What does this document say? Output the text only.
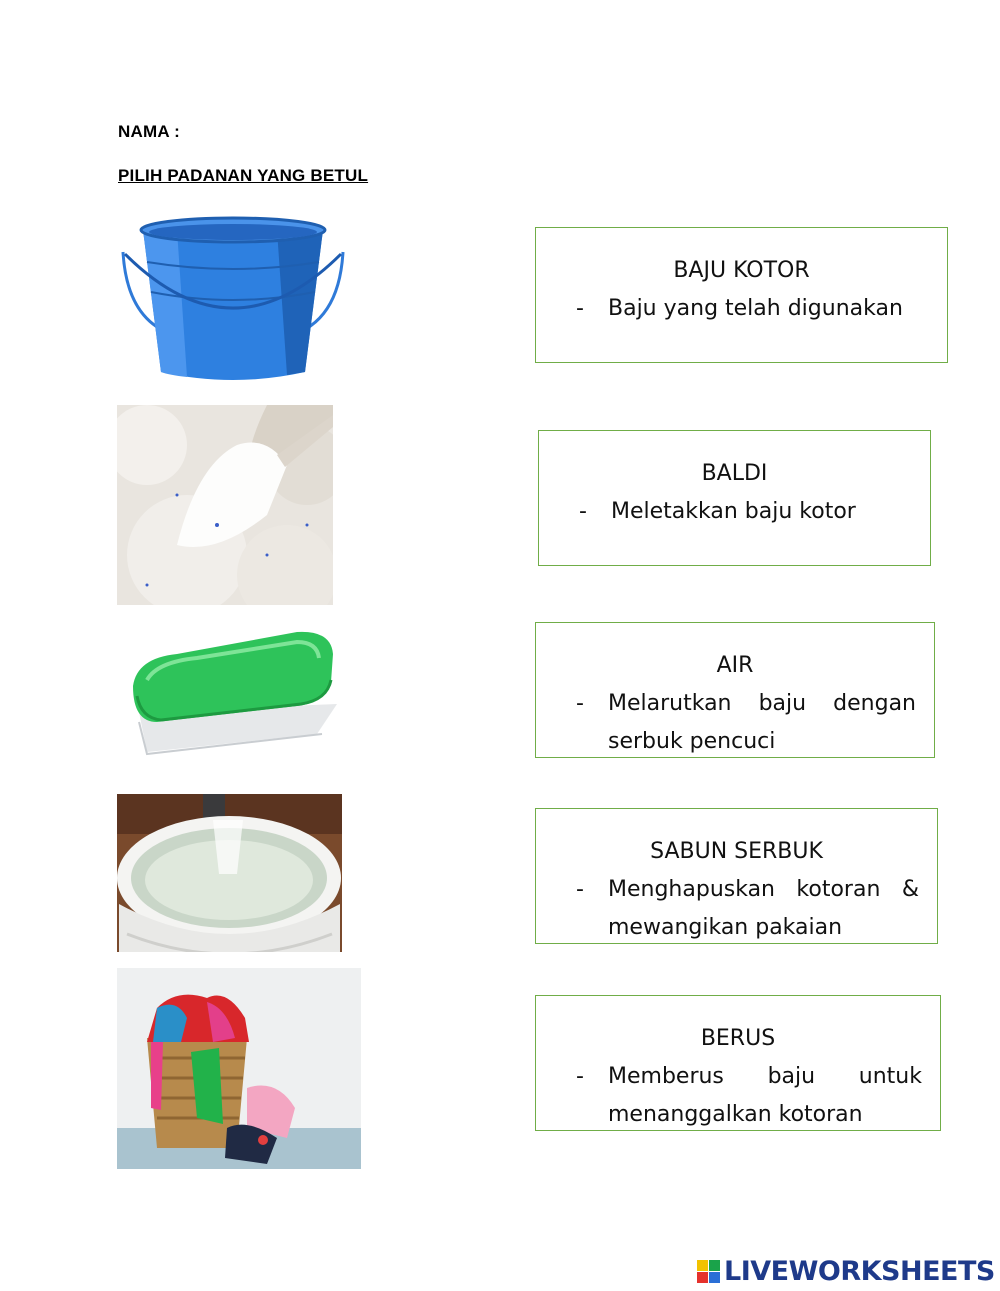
NAMA :
PILIH PADANAN YANG BETUL
BAJU KOTOR
- Baju yang telah digunakan
BALDI
- Meletakkan baju kotor
AIR
- Melarutkan baju dengan serbuk pencuci
SABUN SERBUK
- Menghapuskan kotoran & mewangikan pakaian
BERUS
- Memberus baju untuk menanggalkan kotoran
LIVEWORKSHEETS
